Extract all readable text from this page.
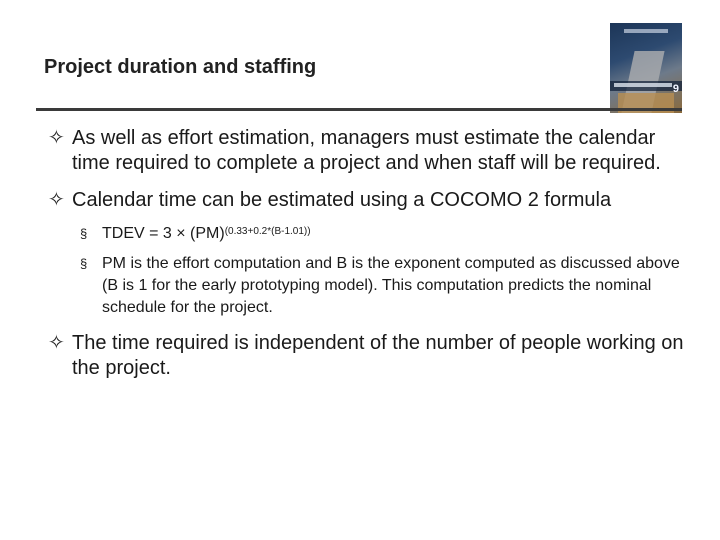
Project duration and staffing
9
✧ As well as effort estimation, managers must estimate the calendar time required to complete a project and when staff will be required.
✧ Calendar time can be estimated using a COCOMO 2 formula
§ TDEV = 3 × (PM)$^{(0.33+0.2*(B-1.01))}$
§ PM is the effort computation and B is the exponent computed as discussed above (B is 1 for the early prototyping model). This computation predicts the nominal schedule for the project.
✧ The time required is independent of the number of people working on the project.
